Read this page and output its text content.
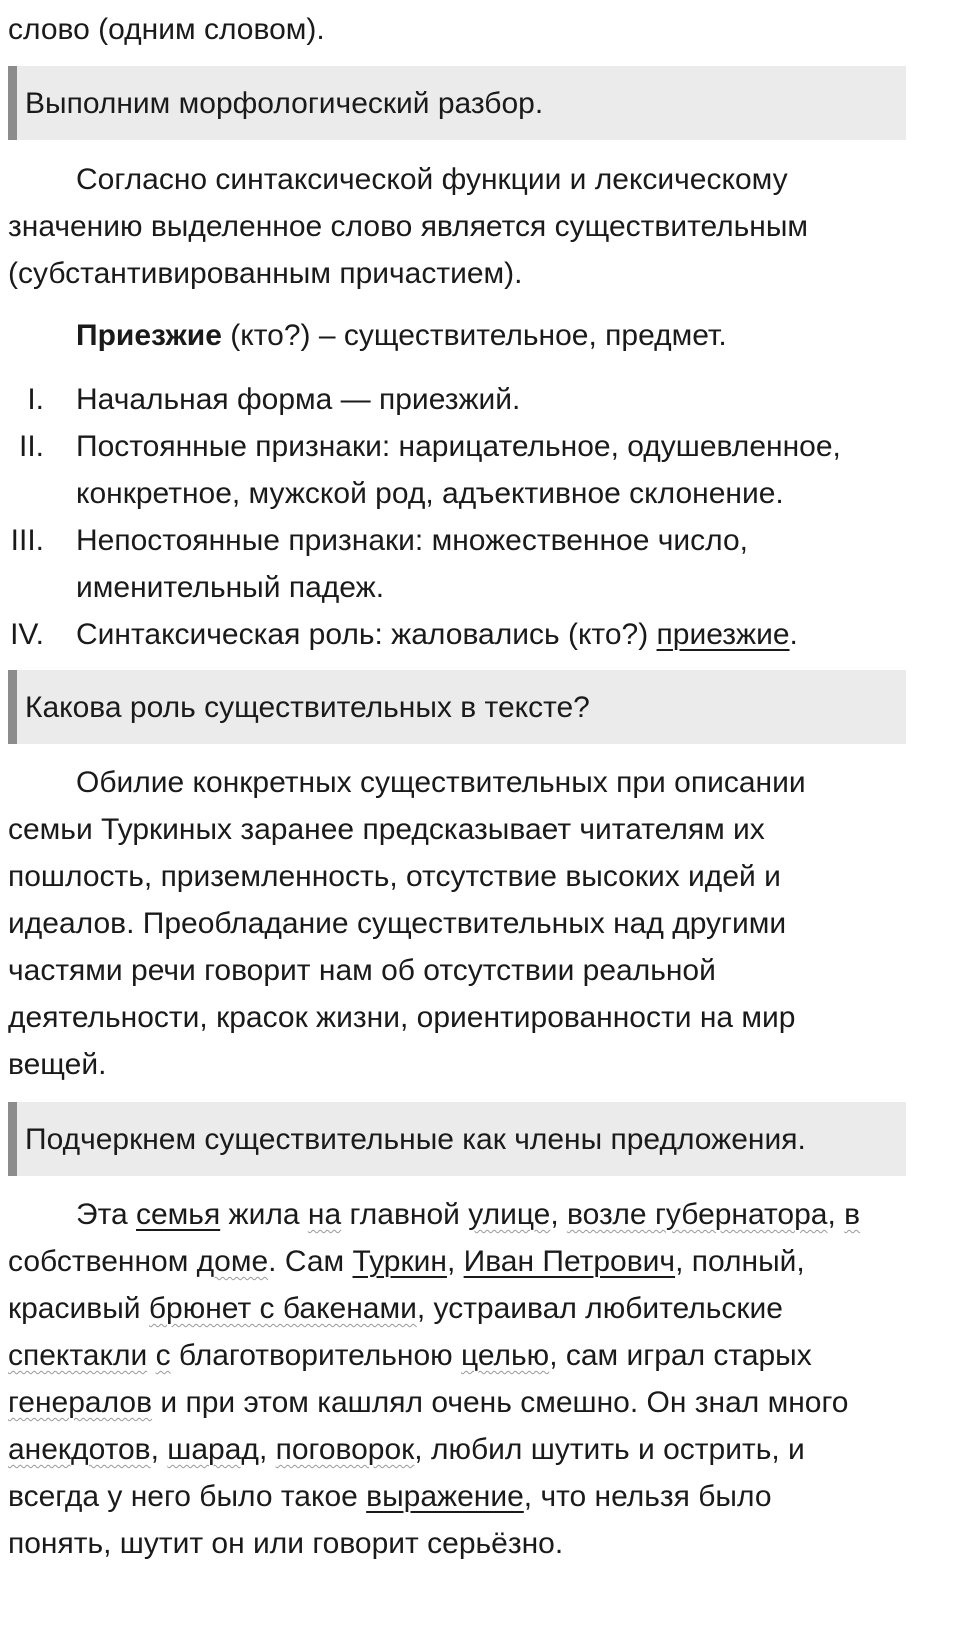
слово (одним словом).
Выполним морфологический разбор.
Согласно синтаксической функции и лексическому
значению выделенное слово является существительным
(субстантивированным причастием).
Приезжие (кто?) – существительное, предмет.
I. Начальная форма — приезжий.
II. Постоянные признаки: нарицательное, одушевленное,
конкретное, мужской род, адъективное склонение.
III. Непостоянные признаки: множественное число,
именительный падеж.
IV. Синтаксическая роль: жаловались (кто?) приезжие.
Какова роль существительных в тексте?
Обилие конкретных существительных при описании
семьи Туркиных заранее предсказывает читателям их
пошлость, приземленность, отсутствие высоких идей и
идеалов. Преобладание существительных над другими
частями речи говорит нам об отсутствии реальной
деятельности, красок жизни, ориентированности на мир
вещей.
Подчеркнем существительные как члены предложения.
Эта семья жила на главной улице, возле губернатора, в
собственном доме. Сам Туркин, Иван Петрович, полный,
красивый брюнет с бакенами, устраивал любительские
спектакли с благотворительною целью, сам играл старых
генералов и при этом кашлял очень смешно. Он знал много
анекдотов, шарад, поговорок, любил шутить и острить, и
всегда у него было такое выражение, что нельзя было
понять, шутит он или говорит серьёзно.
